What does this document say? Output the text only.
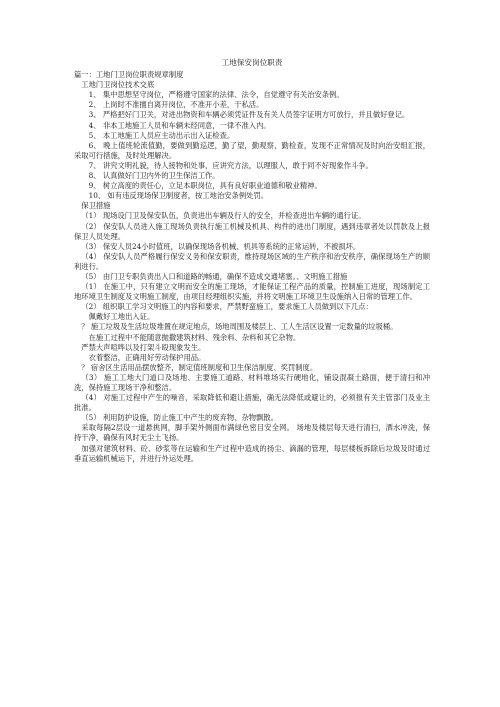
工地保安岗位职责
篇一：工地门卫岗位职责规章制度
工地门卫岗位技术交底

1、 集中思想坚守岗位，严格遵守国家的法律、法令，自觉遵守有关治安条例。

2、 上岗时不准擅自离开岗位，不准开小差，干私活。

3、 严格把好门卫关，对进出物资和车辆必须凭证件及有关人员签字证明方可放行，并且做好登记。

4、 非本工地施工人员和车辆未经同意，一律不准入内。

5、 本工地施工人员应主动出示出入证检查。

6、 晚上值班轮流值勤，要做到勤巡逻，勤了望，勤观察，勤检查，发现不正常情况及时向治安组汇报，采取可行措施，及时处理解决。

7、 讲究文明礼貌，待人接物和处事，应讲究方法，以理服人，敢于同不好现象作斗争。

8、 认真做好门卫内外的卫生保洁工作。

9、 树立高度的责任心，立足本职岗位，具有良好职业道德和敬业精神。

10、 如有违反现场保卫制度者，按工地治安条例处罚。

保卫措施

（1） 现场设门卫及保安队伍，负责进出车辆及行人的安全，并检查进出车辆的通行证。

（2） 保安队人员进入施工现场负责执行施工机械及机具、构件的进出门制度，遇到违章者处以罚款及上报保卫人员处理。

（3） 保安人员24小时值班，以确保现场各机械、机具等系统的正常运转，不被损坏。

（4） 保安队人员严格履行保安义务和保安职责，维持现场区域的生产秩序和治安秩序，确保现场生产的顺利进行。

（5） 由门卫专职负责出入口和道路的畅通，确保不造成交通堵塞。、文明施工措施

（1） 在施工中，只有建立文明而安全的施工现场，才能保证工程产品的质量，控制施工进度，现场制定工地环境卫生制度及文明施工制度，由项目经理组织实施，并将文明施工环境卫生设施纳入日常的管理工作。

（2） 组织职工学习文明施工的内容和要求，严禁野蛮施工，要求施工人员做到以下几点：

佩戴好工地出入证。

？ 施工垃圾及生活垃圾堆置在规定地点，场地周围及楼层上、工人生活区设置一定数量的垃圾桶。

在施工过程中不能随意抛撒建筑材料、残余料、杂料和其它杂物。

严禁大声喧哗以及打架斗殴现象发生。

衣着整洁，正确用好劳动保护用品。

？ 宿舍区生活用品摆放整齐，制定值班制度和卫生保洁制度、奖罚制度。

（3） 施工工地大门道口及场地、主要施工道路、材料堆场实行硬地化，铺设混凝土路面，便于清扫和冲洗，保持施工现场干净和整洁。

（4） 对施工过程中产生的噪音，采取降低和避让措施，确无法降低或避让的，必须报有关主管部门及业主批准。

（5） 利用防护设施，防止施工中产生的废弃物、杂物飘散。

采取每隔2层设一道悬挑网，脚手架外侧面布满绿色密目安全网。 场地及楼层每天进行清扫，洒水冲洗，保持干净，确保有风时无尘土飞扬。

加强对建筑材料、砼、砂浆等在运输和生产过程中造成的扬尘、滴漏的管理，每层楼板拆除后垃圾及时通过垂直运输机械运下，并进行外运处理。
